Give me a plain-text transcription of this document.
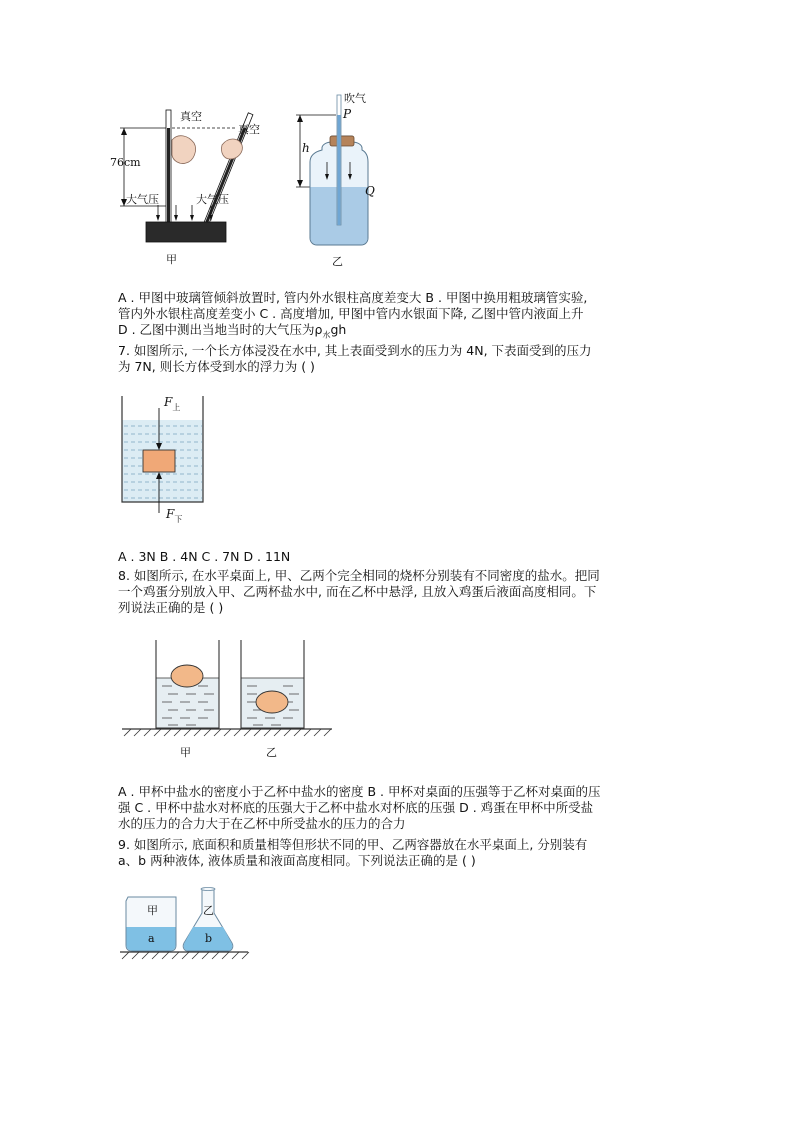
真空
真空
76cm
大气压	大气压
甲
吹气
P
h
Q
乙
A . 甲图中玻璃管倾斜放置时, 管内外水银柱高度差变大 B . 甲图中换用粗玻璃管实验,
管内外水银柱高度差变小 C . 高度增加, 甲图中管内水银面下降, 乙图中管内液面上升
D . 乙图中测出当地当时的大气压为$\rho_水gh$
7. 如图所示, 一个长方体浸没在水中, 其上表面受到水的压力为 4N, 下表面受到的压力
为 7N, 则长方体受到水的浮力为 ( )
$F_上$
$F_下$
A . 3N B . 4N C . 7N D . 11N
8. 如图所示, 在水平桌面上, 甲、乙两个完全相同的烧杯分别装有不同密度的盐水。把同
一个鸡蛋分别放入甲、乙两杯盐水中, 而在乙杯中悬浮, 且放入鸡蛋后液面高度相同。下
列说法正确的是 ( )
甲	乙
A . 甲杯中盐水的密度小于乙杯中盐水的密度 B . 甲杯对桌面的压强等于乙杯对桌面的压
强 C . 甲杯中盐水对杯底的压强大于乙杯中盐水对杯底的压强 D . 鸡蛋在甲杯中所受盐
水的压力的合力大于在乙杯中所受盐水的压力的合力
9. 如图所示, 底面积和质量相等但形状不同的甲、乙两容器放在水平桌面上, 分别装有
a、b 两种液体, 液体质量和液面高度相同。下列说法正确的是 ( )
甲	乙
a	b
